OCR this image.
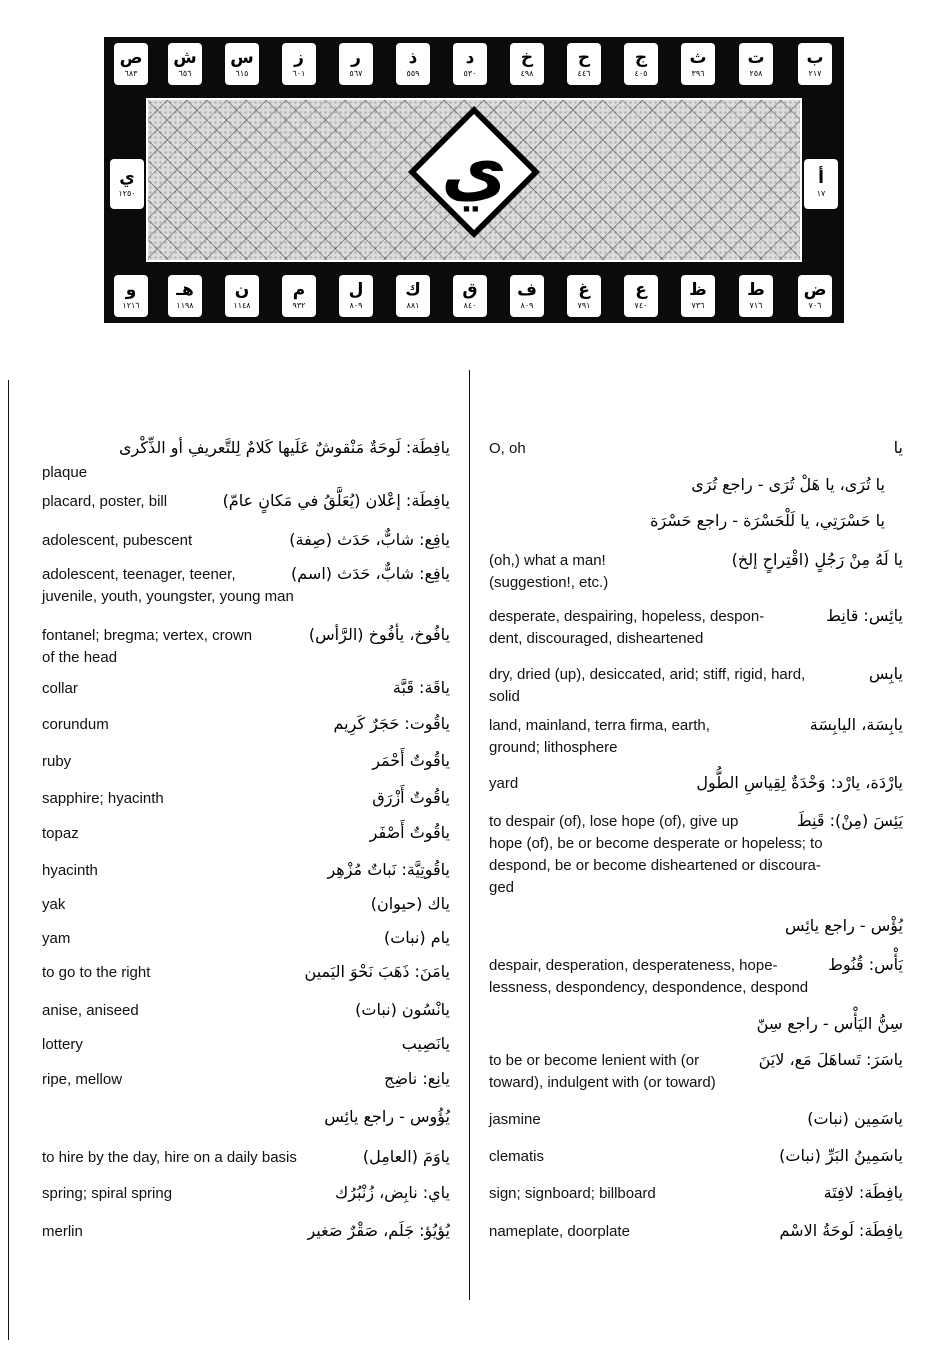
ي
ب
٢١٧
ت
٢٥٨
ث
٣٩٦
ج
٤٠٥
ح
٤٤٦
خ
٤٩٨
د
٥٣٠
ذ
٥٥٩
ر
٥٦٧
ز
٦٠١
س
٦١٥
ش
٦٥٦
ص
٦٨٣
ض
٧٠٦
ط
٧١٦
ظ
٧٣٦
ع
٧٤٠
غ
٧٩١
ف
٨٠٩
ق
٨٤٠
ك
٨٨١
ل
٨٠٩
م
٩٣٢
ن
١١٤٨
هـ
١١٩٨
و
١٢١٦
أ
١٧
ي
١٢٥٠
يافِطَة: لَوحَةٌ مَنْقوشٌ عَلَيها كَلامٌ لِلتَّعريفِ أو الذِّكْرى
plaque
placard, poster, bill	يافِطَة: إعْلان (يُعَلَّقُ في مَكانٍ عامّ)
adolescent, pubescent	يافِع: شابٌّ، حَدَث (صِفة)
adolescent, teenager, teener,	يافِع: شابٌّ، حَدَث (اسم)
juvenile, youth, youngster, young man
fontanel; bregma; vertex, crown	يافُوخ، يأفُوخ (الرَّأس)
of the head
collar	ياقَة: قَبَّة
corundum	ياقُوت: حَجَرٌ كَرِيم
ruby	ياقُوتٌ أَحْمَر
sapphire; hyacinth	ياقُوتٌ أَزْرَق
topaz	ياقُوتٌ أَصْفَر
hyacinth	ياقُوتِيَّة: نَباتٌ مُزْهِر
yak	ياك (حيوان)
yam	يام (نبات)
to go to the right	يامَنَ: ذَهَبَ نَحْوَ اليَمين
anise, aniseed	يانْسُون (نبات)
lottery	يانَصِيب
ripe, mellow	يانِع: ناضِج
يُؤُوس - راجع يائِس
to hire by the day, hire on a daily basis	ياوَمَ (العامِل)
spring; spiral spring	ياي: نابِض، زُنْبُرُك
merlin	يُؤيُؤ: جَلَم، صَقْرٌ صَغير
O, oh	يا
يا تُرَى، يا هَلْ تُرَى - راجع تُرَى
يا حَسْرَتِي، يا لَلْحَسْرَة - راجع حَسْرَة
(oh,) what a man!	يا لَهُ مِنْ رَجُلٍ (اقْتِراحٍ إلخ)
(suggestion!, etc.)
desperate, despairing, hopeless, despon-	يائِس: قانِط
dent, discouraged, disheartened
dry, dried (up), desiccated, arid; stiff, rigid, hard,	يابِس
solid
land, mainland, terra firma, earth,	يابِسَة، اليابِسَة
ground; lithosphere
yard	يارْدَة، يارْد: وَحْدَةٌ لِقِياسِ الطُّول
to despair (of), lose hope (of), give up	يَئِسَ (مِنْ): قَنِطَ
hope (of), be or become desperate or hopeless; to
despond, be or become disheartened or discoura-
ged
يُؤْس - راجع يائِس
despair, desperation, desperateness, hope-	يَأْس: قُنُوط
lessness, despondency, despondence, despond
سِنُّ اليَأْس - راجع سِنّ
to be or become lenient with (or	ياسَرَ: تَساهَلَ مَع، لايَنَ
toward), indulgent with (or toward)
jasmine	ياسَمِين (نبات)
clematis	ياسَمِينُ البَرِّ (نبات)
sign; signboard; billboard	يافِطَة: لافِتَة
nameplate, doorplate	يافِطَة: لَوحَةُ الاسْم
